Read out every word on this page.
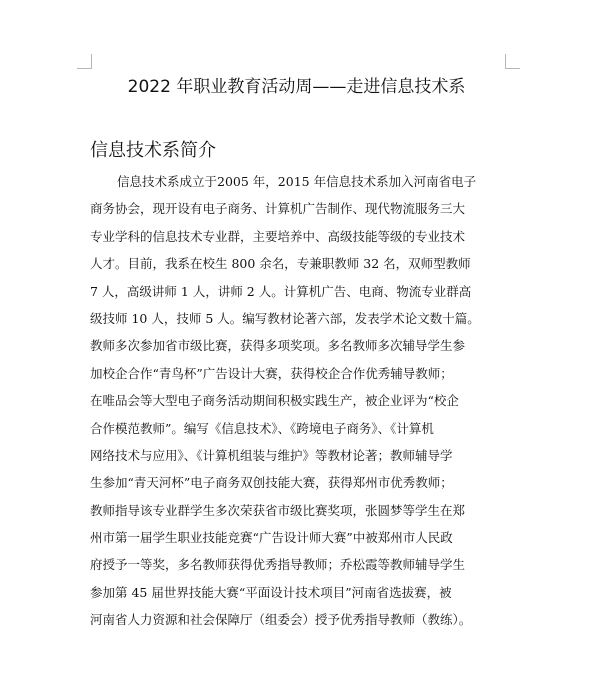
2022 年职业教育活动周——走进信息技术系
信息技术系简介
信息技术系成立于2005 年，2015 年信息技术系加入河南省电子
商务协会，现开设有电子商务、计算机广告制作、现代物流服务三大
专业学科的信息技术专业群，主要培养中、高级技能等级的专业技术
人才。目前，我系在校生 800 余名，专兼职教师 32 名，双师型教师
7 人，高级讲师 1 人，讲师 2 人。计算机广告、电商、物流专业群高
级技师 10 人，技师 5 人。编写教材论著六部，发表学术论文数十篇。
教师多次参加省市级比赛，获得多项奖项。多名教师多次辅导学生参
加校企合作“青鸟杯”广告设计大赛，获得校企合作优秀辅导教师；
在唯品会等大型电子商务活动期间积极实践生产，被企业评为“校企
合作模范教师”。编写《信息技术》、《跨境电子商务》、《计算机
网络技术与应用》、《计算机组装与维护》等教材论著；教师辅导学
生参加“青天河杯”电子商务双创技能大赛，获得郑州市优秀教师；
教师指导该专业群学生多次荣获省市级比赛奖项，张圆梦等学生在郑
州市第一届学生职业技能竞赛“广告设计师大赛”中被郑州市人民政
府授予一等奖，多名教师获得优秀指导教师；乔松霞等教师辅导学生
参加第 45 届世界技能大赛“平面设计技术项目”河南省选拔赛，被
河南省人力资源和社会保障厅（组委会）授予优秀指导教师（教练）。
